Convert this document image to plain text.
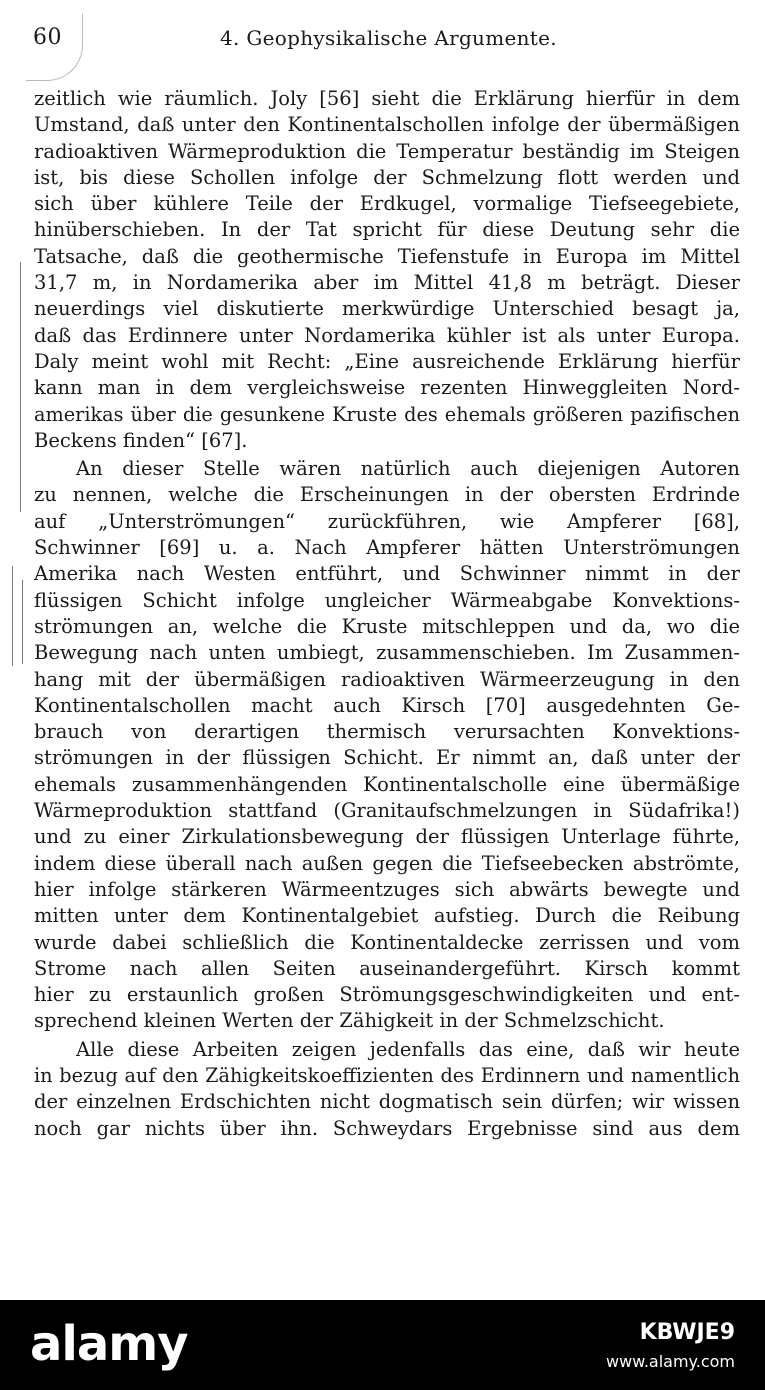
60	4. Geophysikalische Argumente.
zeitlich wie räumlich. Joly [56] sieht die Erklärung hierfür in dem
Umstand, daß unter den Kontinentalschollen infolge der übermäßigen
radioaktiven Wärmeproduktion die Temperatur beständig im Steigen
ist, bis diese Schollen infolge der Schmelzung flott werden und
sich über kühlere Teile der Erdkugel, vormalige Tiefseegebiete,
hinüberschieben. In der Tat spricht für diese Deutung sehr die
Tatsache, daß die geothermische Tiefenstufe in Europa im Mittel
31,7 m, in Nordamerika aber im Mittel 41,8 m beträgt. Dieser
neuerdings viel diskutierte merkwürdige Unterschied besagt ja,
daß das Erdinnere unter Nordamerika kühler ist als unter Europa.
Daly meint wohl mit Recht: „Eine ausreichende Erklärung hierfür
kann man in dem vergleichsweise rezenten Hinweggleiten Nord-
amerikas über die gesunkene Kruste des ehemals größeren pazifischen
Beckens finden“ [67].
An dieser Stelle wären natürlich auch diejenigen Autoren
zu nennen, welche die Erscheinungen in der obersten Erdrinde
auf „Unterströmungen“ zurückführen, wie Ampferer [68],
Schwinner [69] u. a. Nach Ampferer hätten Unterströmungen
Amerika nach Westen entführt, und Schwinner nimmt in der
flüssigen Schicht infolge ungleicher Wärmeabgabe Konvektions-
strömungen an, welche die Kruste mitschleppen und da, wo die
Bewegung nach unten umbiegt, zusammenschieben. Im Zusammen-
hang mit der übermäßigen radioaktiven Wärmeerzeugung in den
Kontinentalschollen macht auch Kirsch [70] ausgedehnten Ge-
brauch von derartigen thermisch verursachten Konvektions-
strömungen in der flüssigen Schicht. Er nimmt an, daß unter der
ehemals zusammenhängenden Kontinentalscholle eine übermäßige
Wärmeproduktion stattfand (Granitaufschmelzungen in Südafrika!)
und zu einer Zirkulationsbewegung der flüssigen Unterlage führte,
indem diese überall nach außen gegen die Tiefseebecken abströmte,
hier infolge stärkeren Wärmeentzuges sich abwärts bewegte und
mitten unter dem Kontinentalgebiet aufstieg. Durch die Reibung
wurde dabei schließlich die Kontinentaldecke zerrissen und vom
Strome nach allen Seiten auseinandergeführt. Kirsch kommt
hier zu erstaunlich großen Strömungsgeschwindigkeiten und ent-
sprechend kleinen Werten der Zähigkeit in der Schmelzschicht.
Alle diese Arbeiten zeigen jedenfalls das eine, daß wir heute
in bezug auf den Zähigkeitskoeffizienten des Erdinnern und namentlich
der einzelnen Erdschichten nicht dogmatisch sein dürfen; wir wissen
noch gar nichts über ihn. Schweydars Ergebnisse sind aus dem
alamy	KBWJE9
www.alamy.com
